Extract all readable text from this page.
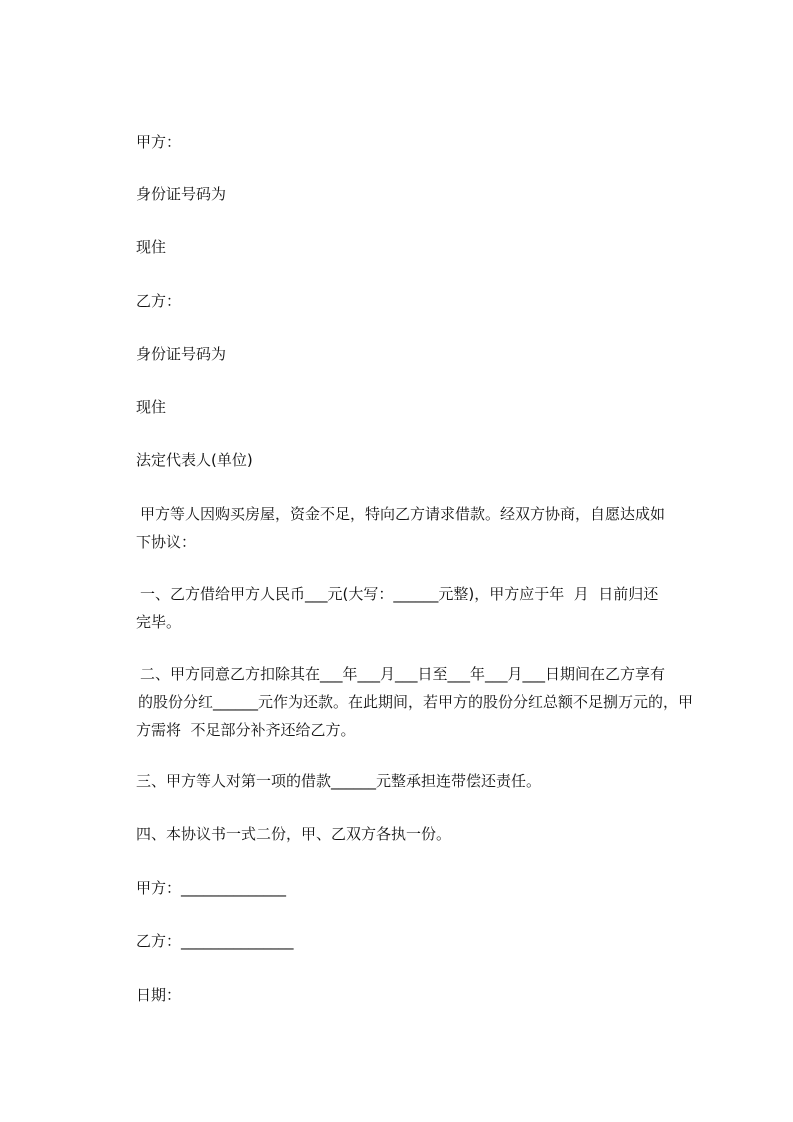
甲方：

身份证号码为

现住

乙方：

身份证号码为

现住

法定代表人(单位)

甲方等人因购买房屋，资金不足，特向乙方请求借款。经双方协商，自愿达成如
下协议：
一、乙方借给甲方人民币___元(大写：______元整)，甲方应于年  月  日前归还
完毕。
二、甲方同意乙方扣除其在___年___月___日至___年___月___日期间在乙方享有
的股份分红______元作为还款。在此期间，若甲方的股份分红总额不足捌万元的，甲
方需将  不足部分补齐还给乙方。

三、甲方等人对第一项的借款______元整承担连带偿还责任。

四、本协议书一式二份，甲、乙双方各执一份。

甲方：______________

乙方：_______________

日期：
